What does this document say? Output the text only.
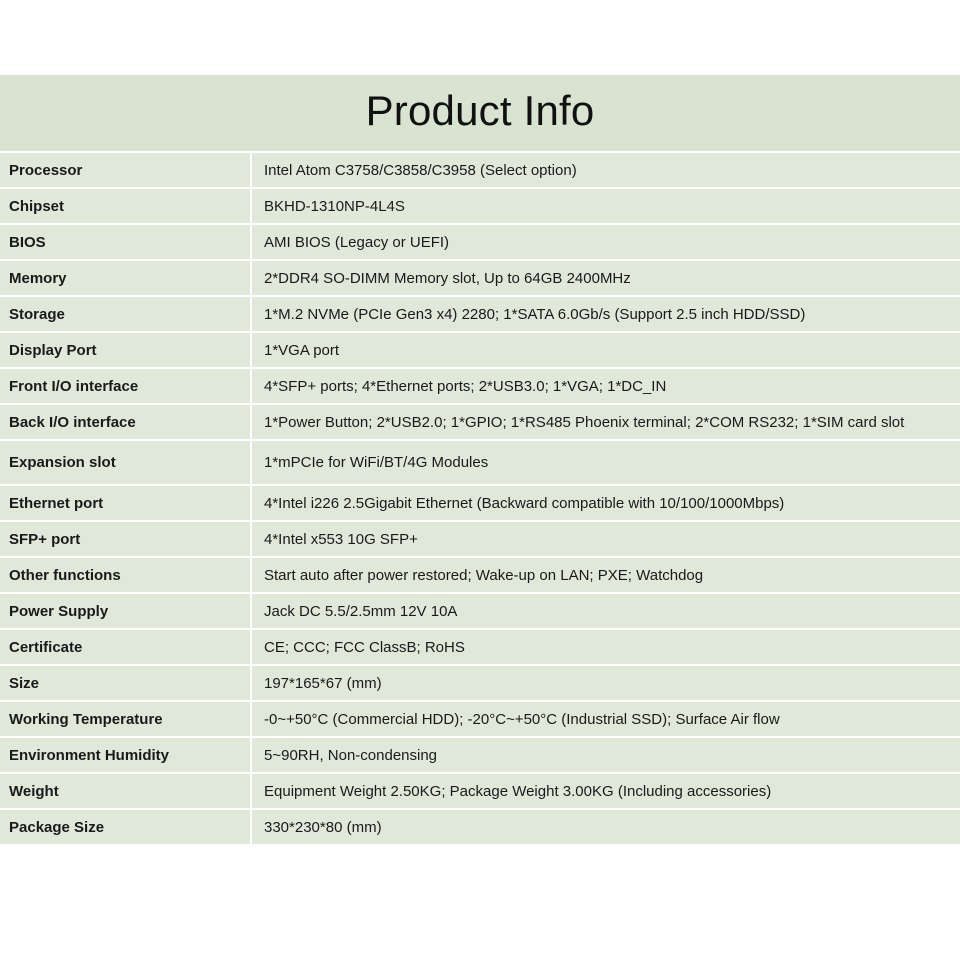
Product Info
Processor	Intel Atom C3758/C3858/C3958 (Select option)
Chipset	BKHD-1310NP-4L4S
BIOS	AMI BIOS (Legacy or UEFI)
Memory	2*DDR4 SO-DIMM Memory slot, Up to 64GB 2400MHz
Storage	1*M.2 NVMe (PCIe Gen3 x4) 2280; 1*SATA 6.0Gb/s (Support 2.5 inch HDD/SSD)
Display Port	1*VGA port
Front I/O interface	4*SFP+ ports; 4*Ethernet ports; 2*USB3.0; 1*VGA; 1*DC_IN
Back I/O interface	1*Power Button; 2*USB2.0; 1*GPIO; 1*RS485 Phoenix terminal; 2*COM RS232; 1*SIM card slot
Expansion slot	1*mPCIe for WiFi/BT/4G Modules
Ethernet port	4*Intel i226 2.5Gigabit Ethernet (Backward compatible with 10/100/1000Mbps)
SFP+ port	4*Intel x553 10G SFP+
Other functions	Start auto after power restored; Wake-up on LAN; PXE; Watchdog
Power Supply	Jack DC 5.5/2.5mm 12V 10A
Certificate	CE; CCC; FCC ClassB; RoHS
Size	197*165*67 (mm)
Working Temperature	-0~+50°C (Commercial HDD); -20°C~+50°C (Industrial SSD); Surface Air flow
Environment Humidity	5~90RH, Non-condensing
Weight	Equipment Weight 2.50KG; Package Weight 3.00KG (Including accessories)
Package Size	330*230*80 (mm)
